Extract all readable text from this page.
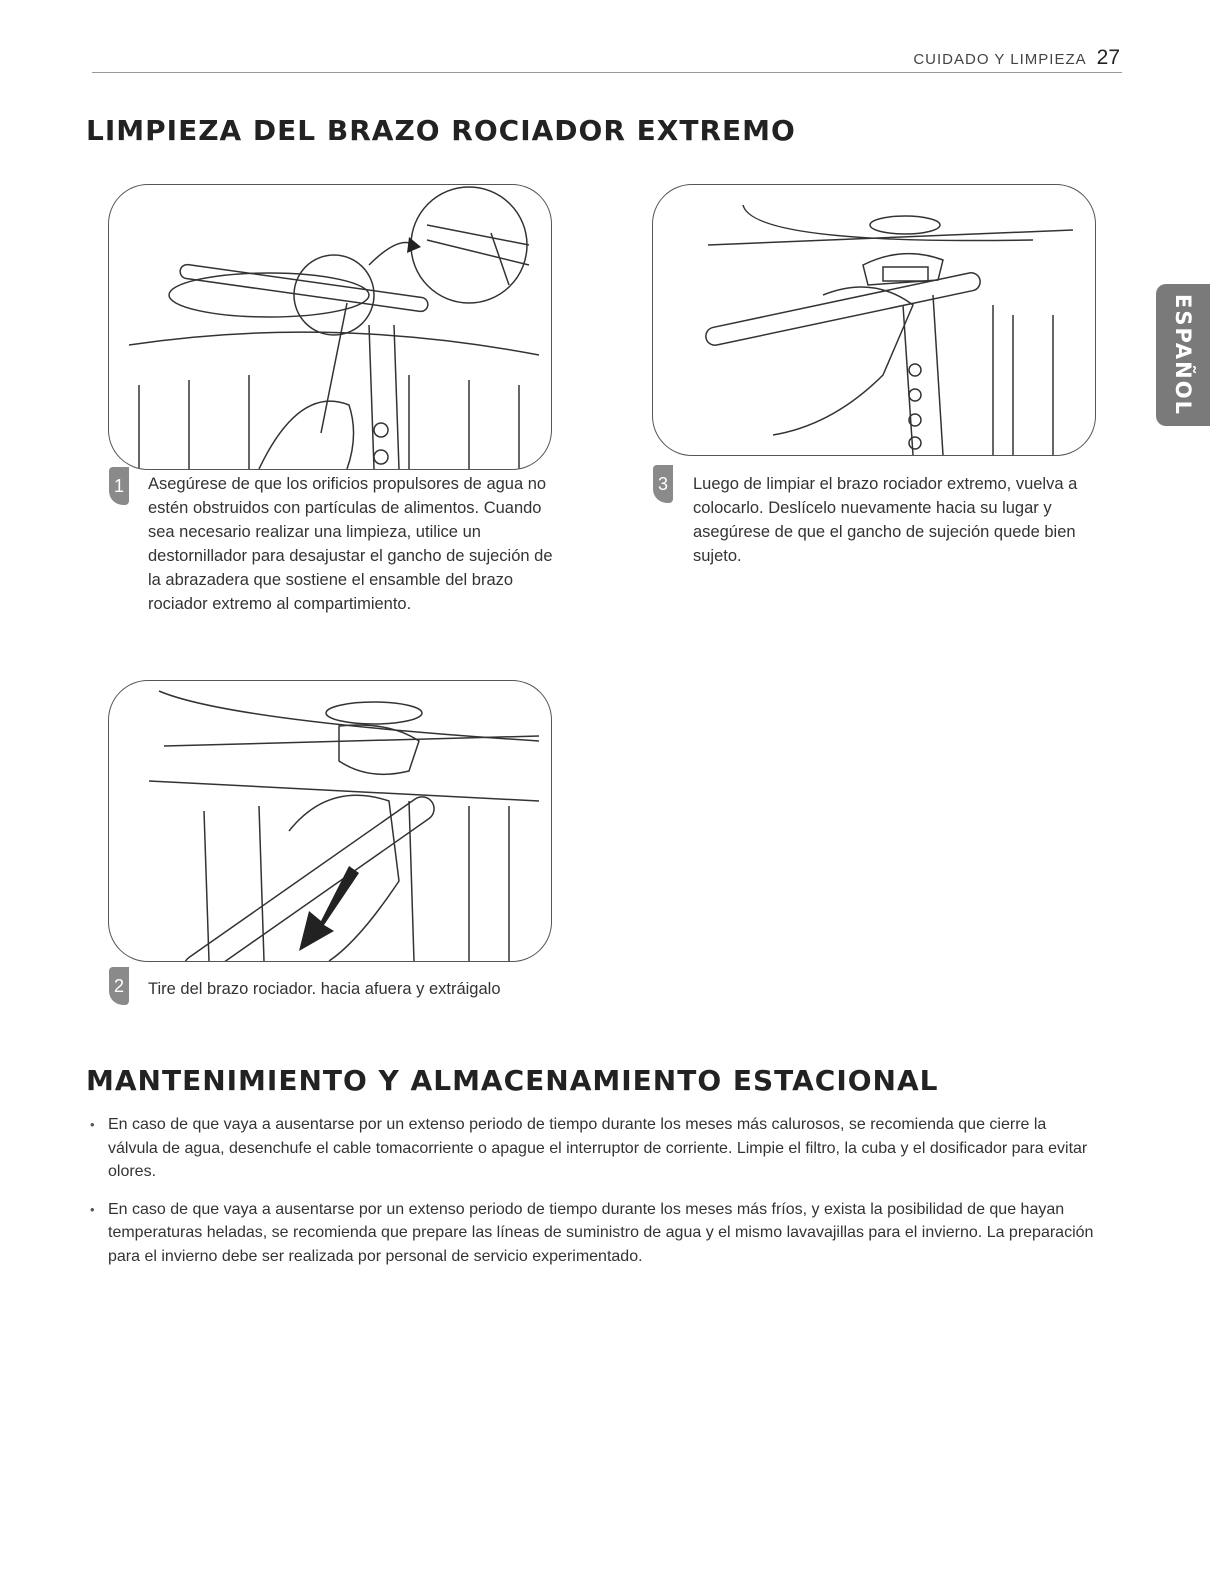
CUIDADO Y LIMPIEZA 27
ESPAÑOL
LIMPIEZA DEL BRAZO ROCIADOR EXTREMO
1	Asegúrese de que los orificios propulsores de agua no estén obstruidos con partículas de alimentos. Cuando sea necesario realizar una limpieza, utilice un destornillador para desajustar el gancho de sujeción de la abrazadera que sostiene el ensamble del brazo rociador extremo al compartimiento.
3	Luego de limpiar el brazo rociador extremo, vuelva a colocarlo. Deslícelo nuevamente hacia su lugar y asegúrese de que el gancho de sujeción quede bien sujeto.
2	Tire del brazo rociador. hacia afuera y extráigalo
MANTENIMIENTO Y ALMACENAMIENTO ESTACIONAL
• En caso de que vaya a ausentarse por un extenso periodo de tiempo durante los meses más calurosos, se recomienda que cierre la válvula de agua, desenchufe el cable tomacorriente o apague el interruptor de corriente. Limpie el filtro, la cuba y el dosificador para evitar olores.
• En caso de que vaya a ausentarse por un extenso periodo de tiempo durante los meses más fríos, y exista la posibilidad de que hayan temperaturas heladas, se recomienda que prepare las líneas de suministro de agua y el mismo lavavajillas para el invierno. La preparación para el invierno debe ser realizada por personal de servicio experimentado.
